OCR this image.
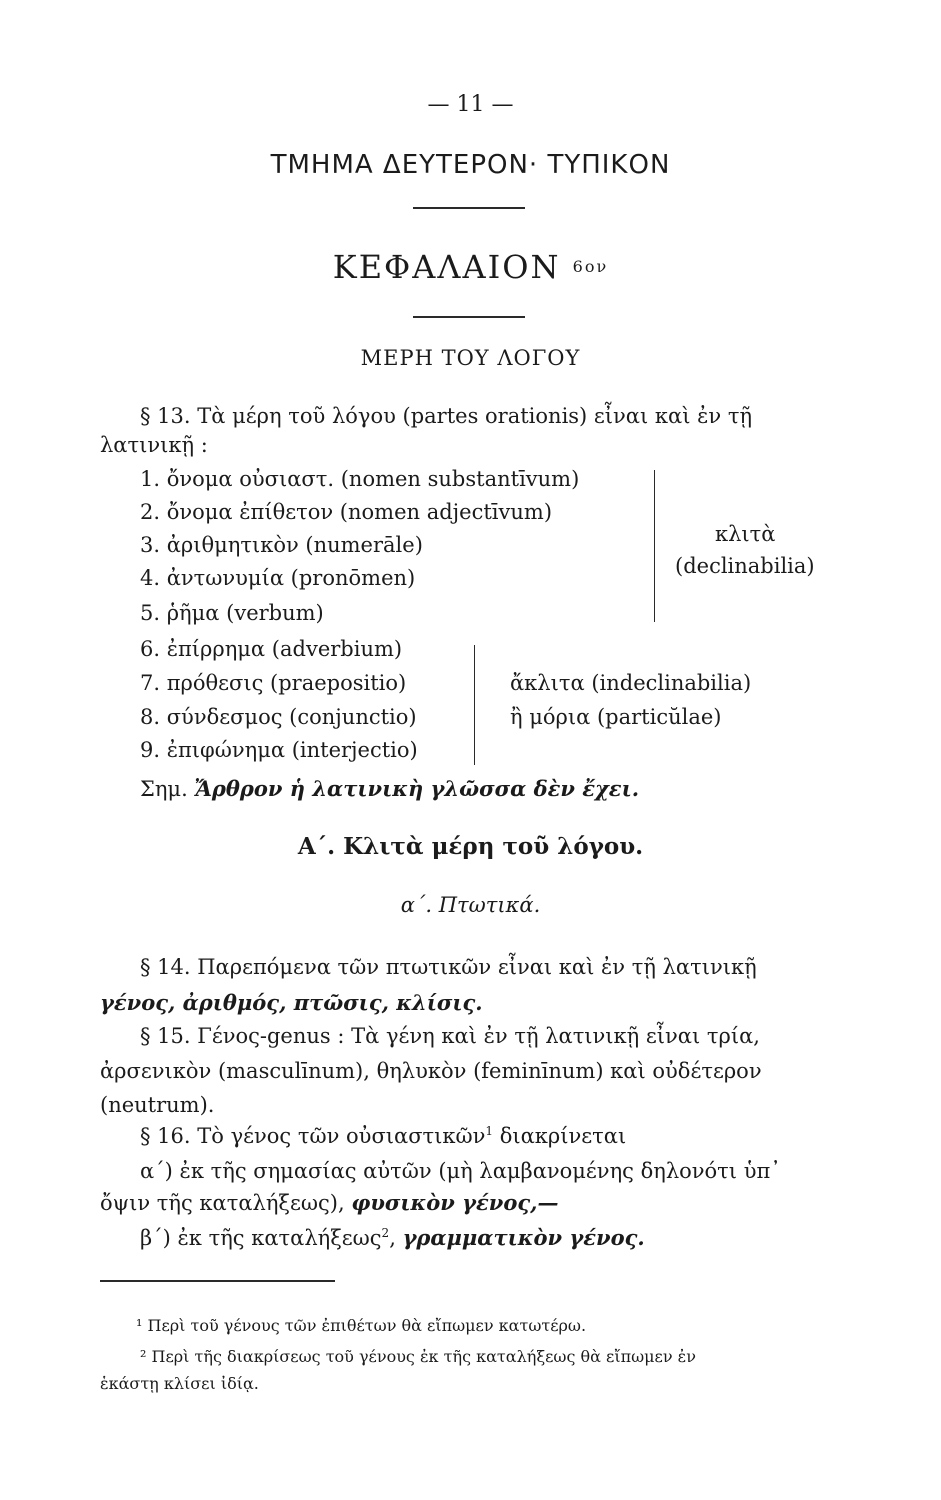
— 11 —
ΤΜΗΜΑ ΔΕΥΤΕΡΟΝ· ΤΥΠΙΚΟΝ
ΚΕΦΑΛΑΙΟΝ 6ον
ΜΕΡΗ ΤΟΥ ΛΟΓΟΥ
§ 13. Τὰ μέρη τοῦ λόγου (partes orationis) εἶναι καὶ ἐν τῇ
λατινικῇ :
1. ὄνομα οὐσιαστ. (nomen substantīvum)
2. ὄνομα ἐπίθετον (nomen adjectīvum)
3. ἀριθμητικὸν (numerāle)
4. ἀντωνυμία (pronōmen)
5. ῥῆμα (verbum)
6. ἐπίρρημα (adverbium)
7. πρόθεσις (praepositio)
8. σύνδεσμος (conjunctio)
9. ἐπιφώνημα (interjectio)
κλιτὰ
(declinabilia)
ἄκλιτα (indeclinabilia)
ἢ μόρια (particŭlae)
Σημ. Ἄρθρον ἡ λατινικὴ γλῶσσα δὲν ἔχει.
Α΄. Κλιτὰ μέρη τοῦ λόγου.
α΄. Πτωτικά.
§ 14. Παρεπόμενα τῶν πτωτικῶν εἶναι καὶ ἐν τῇ λατινικῇ
γένος, ἀριθμός, πτῶσις, κλίσις.
§ 15. Γένος-genus : Τὰ γένη καὶ ἐν τῇ λατινικῇ εἶναι τρία,
ἀρσενικὸν (masculīnum), θηλυκὸν (feminīnum) καὶ οὐδέτερον
(neutrum).
§ 16. Τὸ γένος τῶν οὐσιαστικῶν$^1$ διακρίνεται
α΄) ἐκ τῆς σημασίας αὐτῶν (μὴ λαμβανομένης δηλονότι ὑπ᾽
ὄψιν τῆς καταλήξεως), φυσικὸν γένος,—
β΄) ἐκ τῆς καταλήξεως$^2$, γραμματικὸν γένος.
¹ Περὶ τοῦ γένους τῶν ἐπιθέτων θὰ εἴπωμεν κατωτέρω.
² Περὶ τῆς διακρίσεως τοῦ γένους ἐκ τῆς καταλήξεως θὰ εἴπωμεν ἐν
ἑκάστῃ κλίσει ἰδίᾳ.
